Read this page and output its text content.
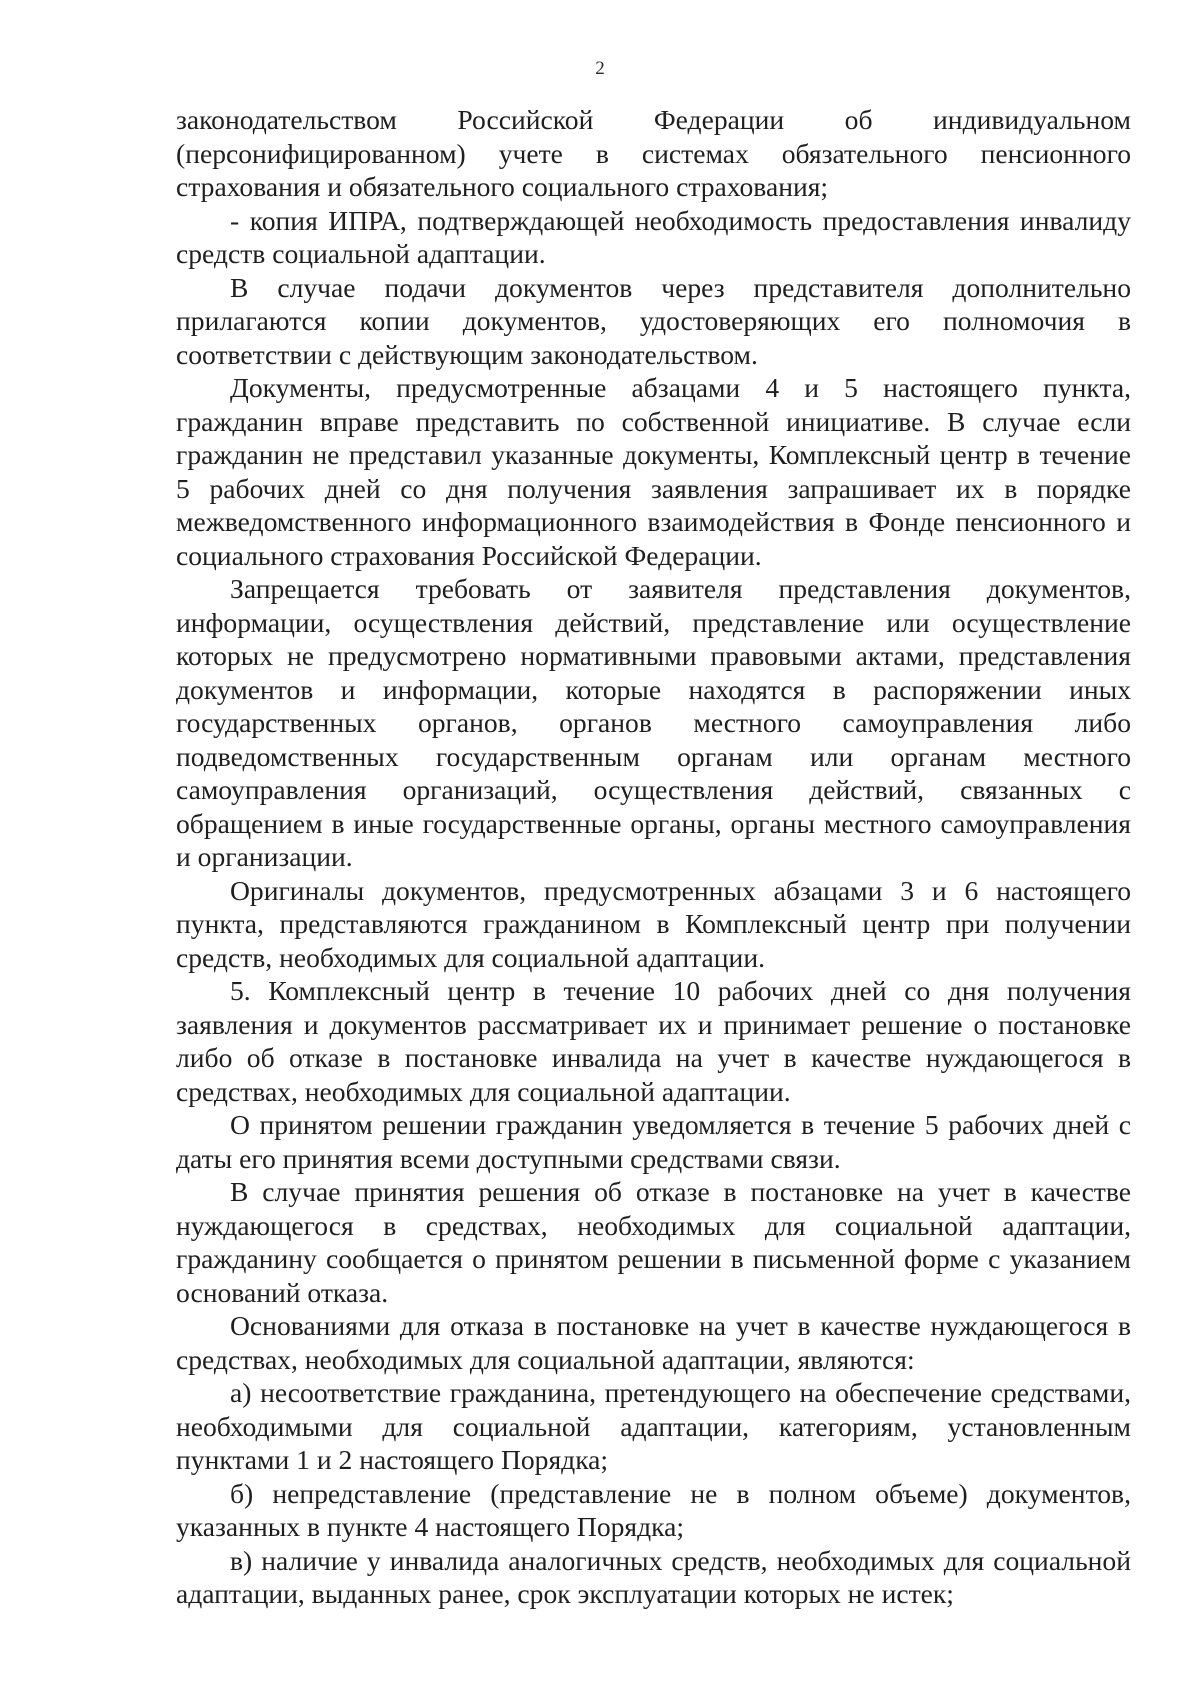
2

законодательством Российской Федерации об индивидуальном (персонифицированном) учете в системах обязательного пенсионного страхования и обязательного социального страхования;

- копия ИПРА, подтверждающей необходимость предоставления инвалиду средств социальной адаптации.

В случае подачи документов через представителя дополнительно прилагаются копии документов, удостоверяющих его полномочия в соответствии с действующим законодательством.

Документы, предусмотренные абзацами 4 и 5 настоящего пункта, гражданин вправе представить по собственной инициативе. В случае если гражданин не представил указанные документы, Комплексный центр в течение 5 рабочих дней со дня получения заявления запрашивает их в порядке межведомственного информационного взаимодействия в Фонде пенсионного и социального страхования Российской Федерации.

Запрещается требовать от заявителя представления документов, информации, осуществления действий, представление или осуществление которых не предусмотрено нормативными правовыми актами, представления документов и информации, которые находятся в распоряжении иных государственных органов, органов местного самоуправления либо подведомственных государственным органам или органам местного самоуправления организаций, осуществления действий, связанных с обращением в иные государственные органы, органы местного самоуправления и организации.

Оригиналы документов, предусмотренных абзацами 3 и 6 настоящего пункта, представляются гражданином в Комплексный центр при получении средств, необходимых для социальной адаптации.

5. Комплексный центр в течение 10 рабочих дней со дня получения заявления и документов рассматривает их и принимает решение о постановке либо об отказе в постановке инвалида на учет в качестве нуждающегося в средствах, необходимых для социальной адаптации.

О принятом решении гражданин уведомляется в течение 5 рабочих дней с даты его принятия всеми доступными средствами связи.

В случае принятия решения об отказе в постановке на учет в качестве нуждающегося в средствах, необходимых для социальной адаптации, гражданину сообщается о принятом решении в письменной форме с указанием оснований отказа.

Основаниями для отказа в постановке на учет в качестве нуждающегося в средствах, необходимых для социальной адаптации, являются:

а) несоответствие гражданина, претендующего на обеспечение средствами, необходимыми для социальной адаптации, категориям, установленным пунктами 1 и 2 настоящего Порядка;

б) непредставление (представление не в полном объеме) документов, указанных в пункте 4 настоящего Порядка;

в) наличие у инвалида аналогичных средств, необходимых для социальной адаптации, выданных ранее, срок эксплуатации которых не истек;
